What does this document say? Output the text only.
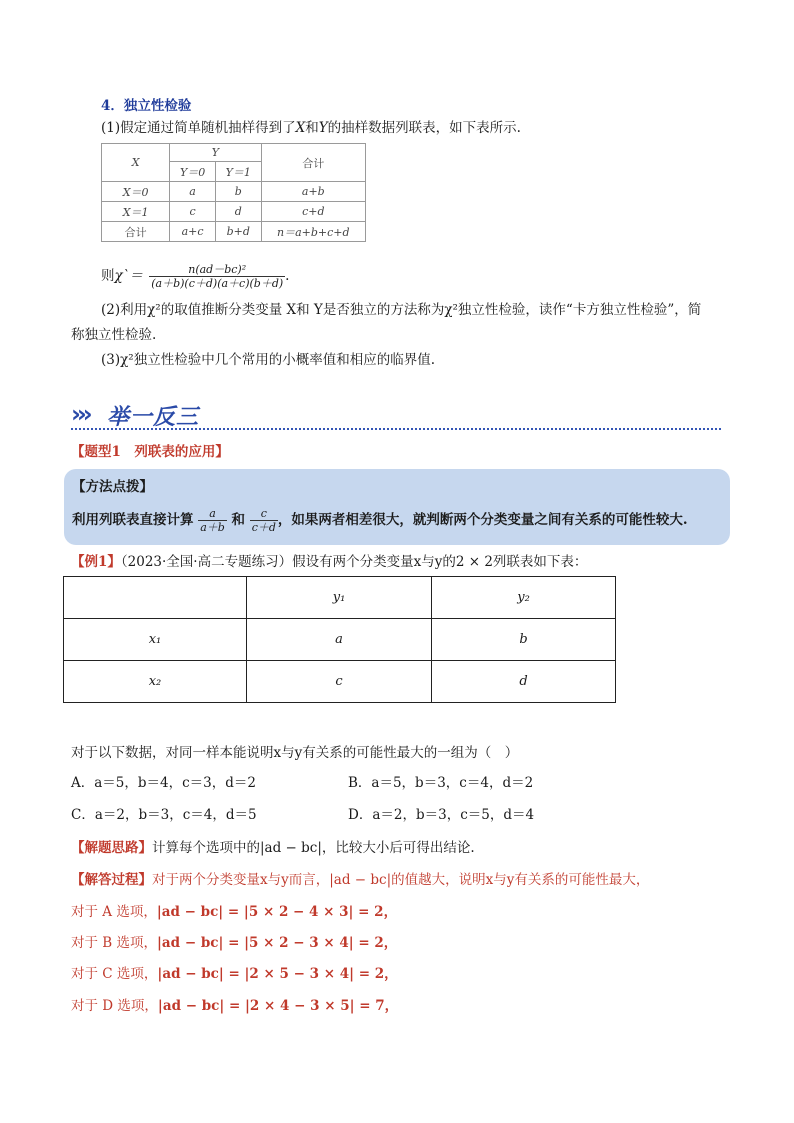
4．独立性检验
(1)假定通过简单随机抽样得到了X和Y的抽样数据列联表，如下表所示.
X	Y		合计
	Y＝0	Y＝1	
X＝0	a	b	a+b
X＝1	c	d	c+d
合计	a+c	b+d	n＝a+b+c+d
则χ`＝ $\frac{\text{n(ad－bc)²}}{(a+b)(c+d)(a+c)(b+d)}$ .
(2)利用χ²的取值推断分类变量 X和 Y是否独立的方法称为χ²独立性检验，读作“卡方独立性检验”，简
称独立性检验.
(3)χ²独立性检验中几个常用的小概率值和相应的临界值.
››› 举一反三
【题型1　列联表的应用】
【方法点拨】
利用列联表直接计算 $\frac{a}{a+b}$ 和 $\frac{c}{c+d}$ ，如果两者相差很大，就判断两个分类变量之间有关系的可能性较大.
【例1】（2023·全国·高二专题练习）假设有两个分类变量x与y的2 × 2列联表如下表：
	y₁	y₂
x₁	a	b
x₂	c	d
对于以下数据，对同一样本能说明x与y有关系的可能性最大的一组为（　）
A．a＝5，b＝4，c＝3，d＝2	B．a＝5，b＝3，c＝4，d＝2
C．a＝2，b＝3，c＝4，d＝5	D．a＝2，b＝3，c＝5，d＝4
【解题思路】计算每个选项中的|ad − bc|，比较大小后可得出结论.
【解答过程】对于两个分类变量x与y而言，|ad − bc|的值越大，说明x与y有关系的可能性最大，
对于 A 选项，|ad − bc| = |5 × 2 − 4 × 3| = 2，
对于 B 选项，|ad − bc| = |5 × 2 − 3 × 4| = 2，
对于 C 选项，|ad − bc| = |2 × 5 − 3 × 4| = 2，
对于 D 选项，|ad − bc| = |2 × 4 − 3 × 5| = 7，
